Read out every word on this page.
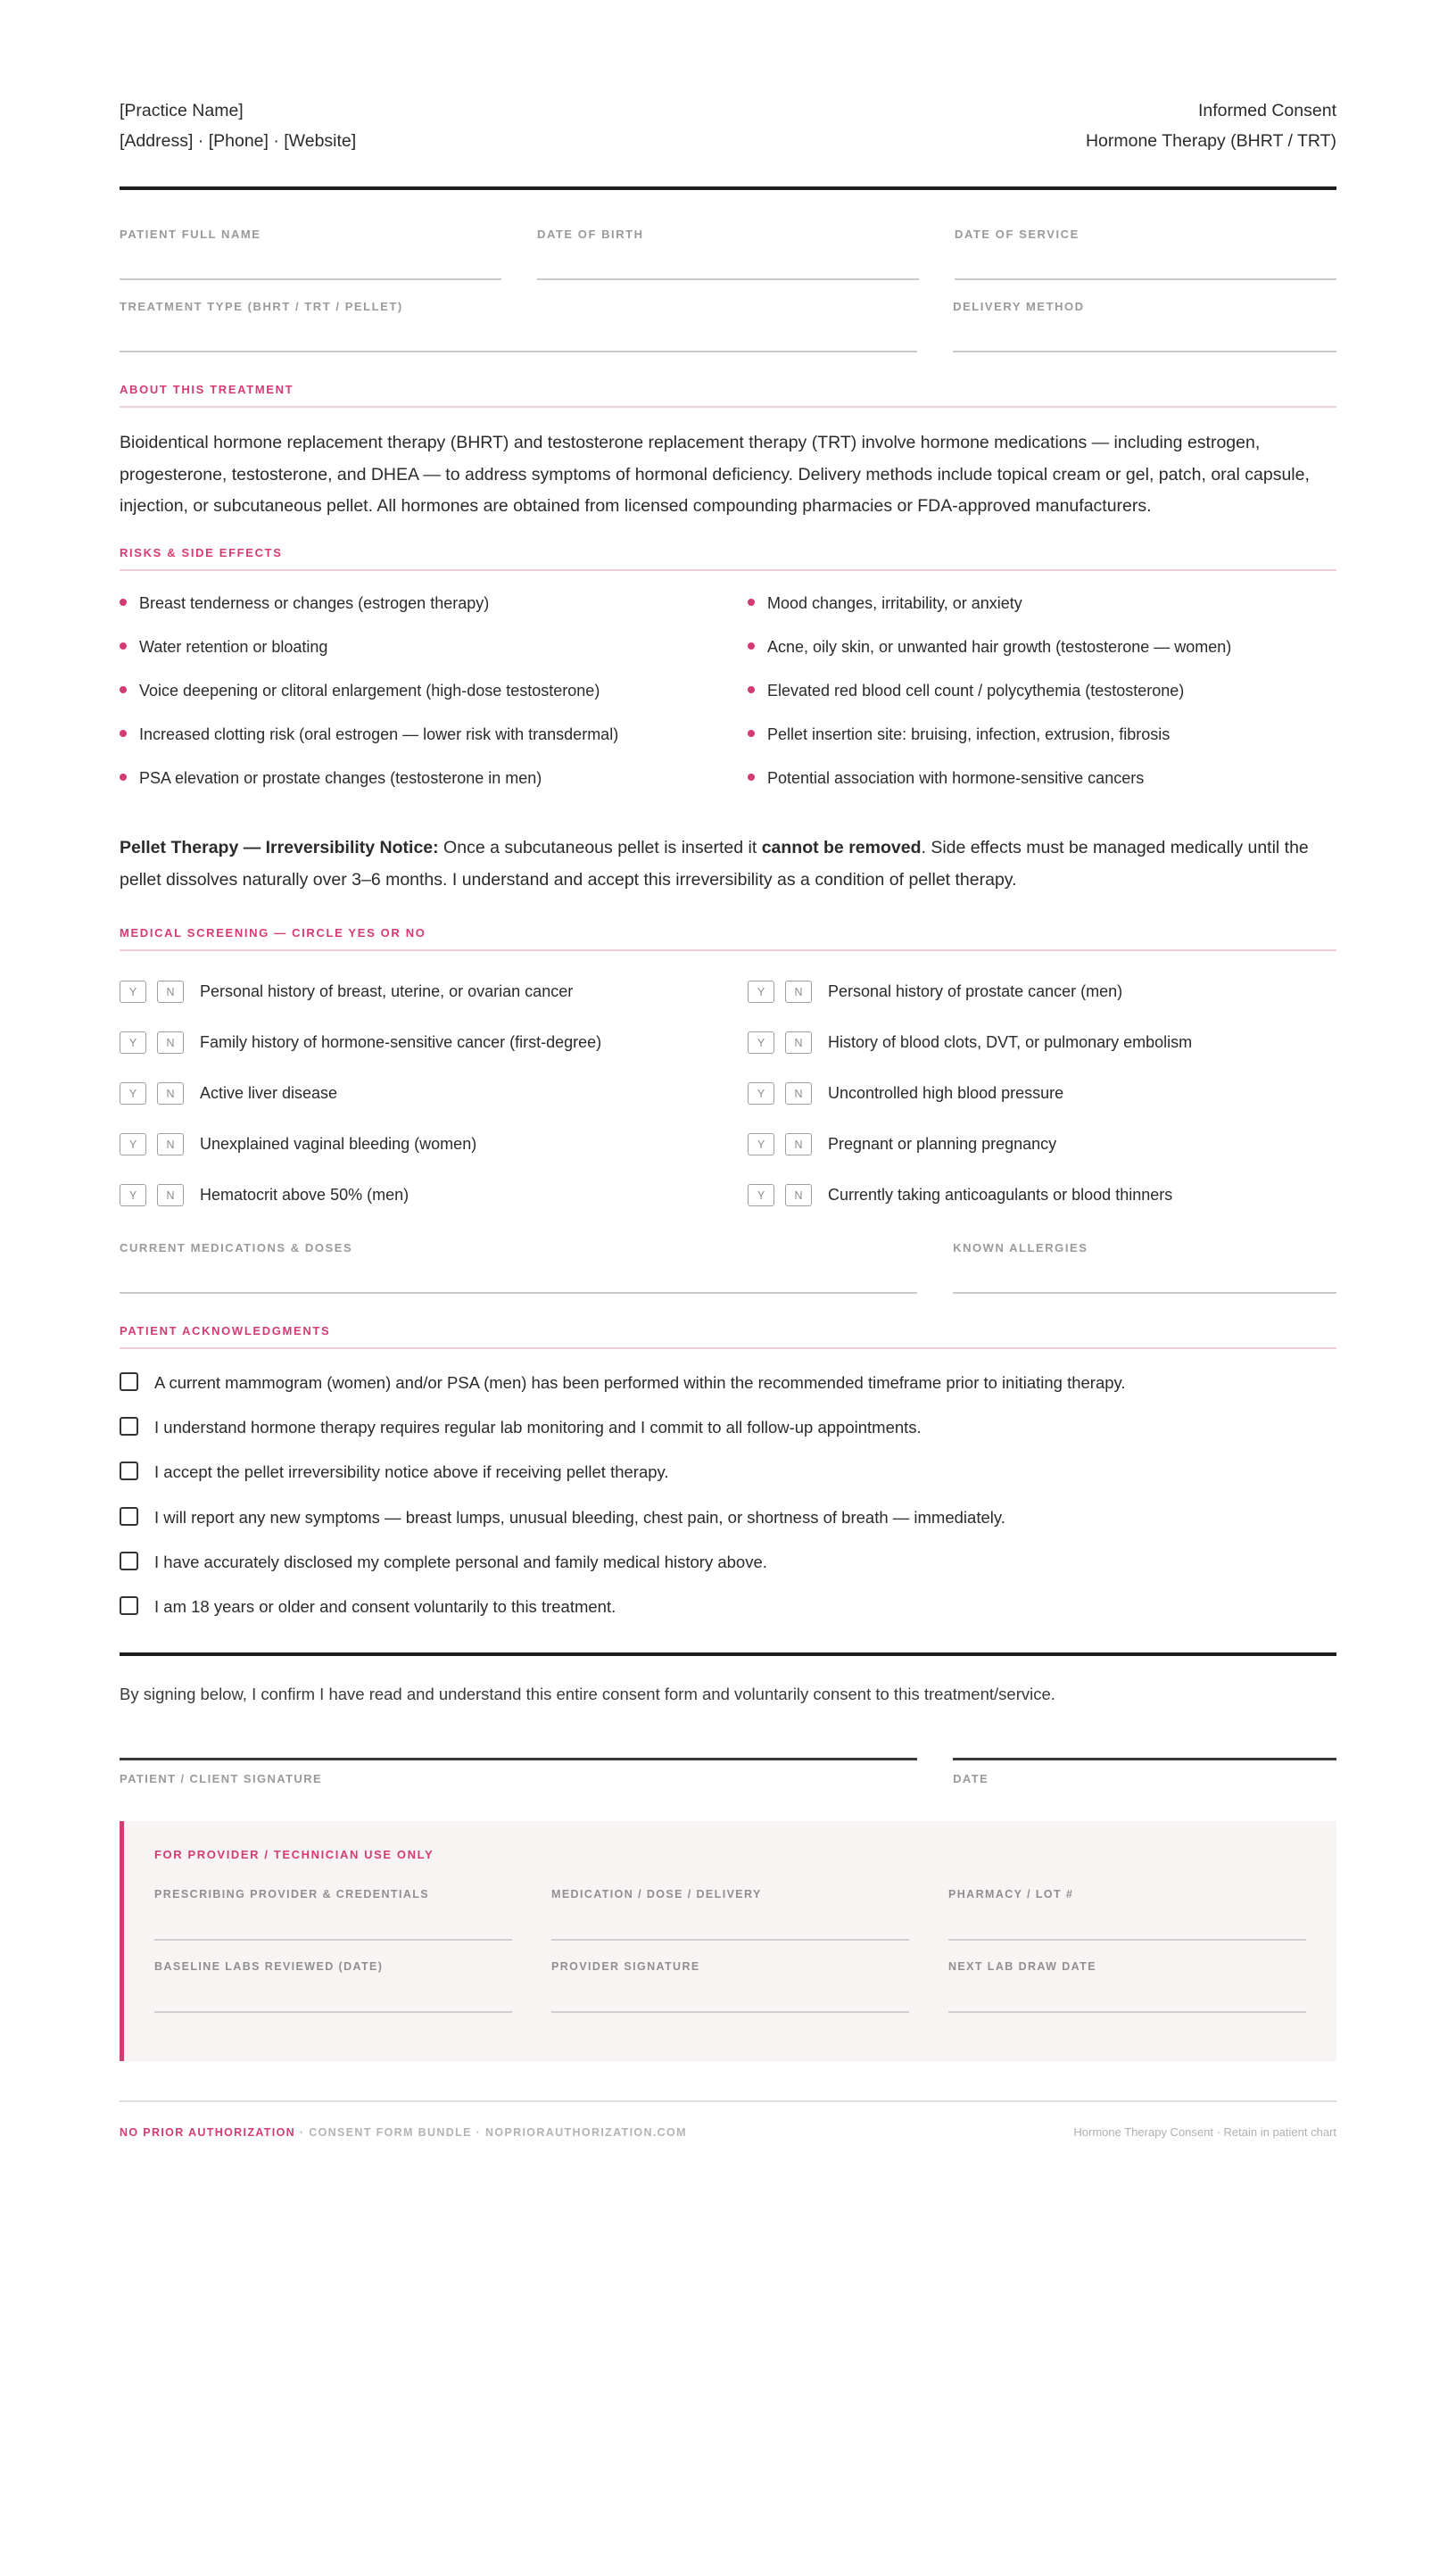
[Practice Name]
[Address] · [Phone] · [Website]
Informed Consent
Hormone Therapy (BHRT / TRT)
PATIENT FULL NAME	DATE OF BIRTH	DATE OF SERVICE
TREATMENT TYPE (BHRT / TRT / PELLET)	DELIVERY METHOD
ABOUT THIS TREATMENT

Bioidentical hormone replacement therapy (BHRT) and testosterone replacement therapy (TRT) involve hormone medications — including estrogen, progesterone, testosterone, and DHEA — to address symptoms of hormonal deficiency. Delivery methods include topical cream or gel, patch, oral capsule, injection, or subcutaneous pellet. All hormones are obtained from licensed compounding pharmacies or FDA-approved manufacturers.

RISKS & SIDE EFFECTS
Breast tenderness or changes (estrogen therapy)
Water retention or bloating
Voice deepening or clitoral enlargement (high-dose testosterone)
Increased clotting risk (oral estrogen — lower risk with transdermal)
PSA elevation or prostate changes (testosterone in men)
Mood changes, irritability, or anxiety
Acne, oily skin, or unwanted hair growth (testosterone — women)
Elevated red blood cell count / polycythemia (testosterone)
Pellet insertion site: bruising, infection, extrusion, fibrosis
Potential association with hormone-sensitive cancers

Pellet Therapy — Irreversibility Notice: Once a subcutaneous pellet is inserted it cannot be removed. Side effects must be managed medically until the pellet dissolves naturally over 3–6 months. I understand and accept this irreversibility as a condition of pellet therapy.

MEDICAL SCREENING — CIRCLE YES OR NO
Y	N	Personal history of breast, uterine, or ovarian cancer
Y	N	Family history of hormone-sensitive cancer (first-degree)
Y	N	Active liver disease
Y	N	Unexplained vaginal bleeding (women)
Y	N	Hematocrit above 50% (men)
Y	N	Personal history of prostate cancer (men)
Y	N	History of blood clots, DVT, or pulmonary embolism
Y	N	Uncontrolled high blood pressure
Y	N	Pregnant or planning pregnancy
Y	N	Currently taking anticoagulants or blood thinners
CURRENT MEDICATIONS & DOSES	KNOWN ALLERGIES
PATIENT ACKNOWLEDGMENTS
A current mammogram (women) and/or PSA (men) has been performed within the recommended timeframe prior to initiating therapy.
I understand hormone therapy requires regular lab monitoring and I commit to all follow-up appointments.
I accept the pellet irreversibility notice above if receiving pellet therapy.
I will report any new symptoms — breast lumps, unusual bleeding, chest pain, or shortness of breath — immediately.
I have accurately disclosed my complete personal and family medical history above.
I am 18 years or older and consent voluntarily to this treatment.

By signing below, I confirm I have read and understand this entire consent form and voluntarily consent to this treatment/service.

PATIENT / CLIENT SIGNATURE	DATE
FOR PROVIDER / TECHNICIAN USE ONLY
PRESCRIBING PROVIDER & CREDENTIALS	MEDICATION / DOSE / DELIVERY	PHARMACY / LOT #
BASELINE LABS REVIEWED (DATE)	PROVIDER SIGNATURE	NEXT LAB DRAW DATE
NO PRIOR AUTHORIZATION · CONSENT FORM BUNDLE · NOPRIORAUTHORIZATION.COM	Hormone Therapy Consent · Retain in patient chart
